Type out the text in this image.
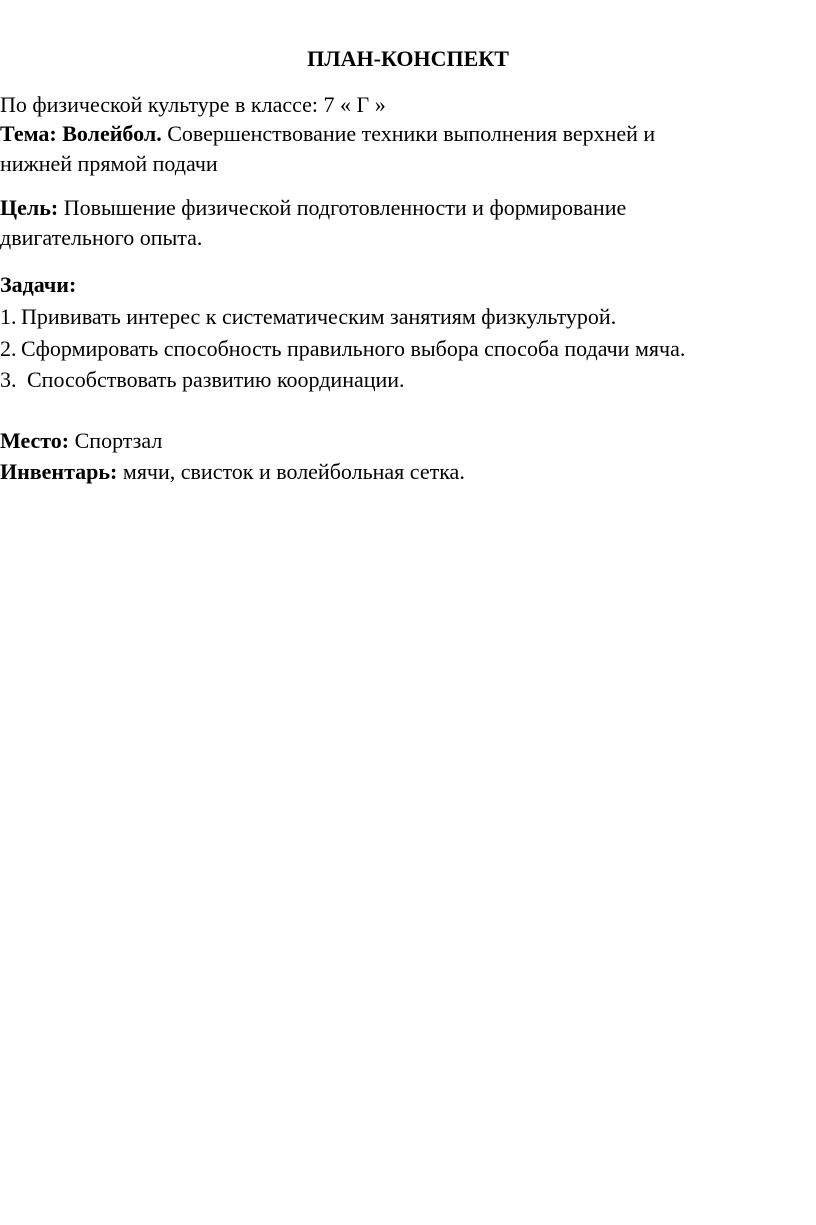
ПЛАН-КОНСПЕКТ
По физической культуре в классе: 7 « Г »
Тема: Волейбол. Совершенствование техники выполнения верхней и
нижней прямой подачи
Цель: Повышение физической подготовленности и формирование
двигательного опыта.
Задачи:
1. Прививать интерес к систематическим занятиям физкультурой.
2. Сформировать способность правильного выбора способа подачи мяча.
3. Способствовать развитию координации.
Место: Спортзал
Инвентарь: мячи, свисток и волейбольная сетка.
